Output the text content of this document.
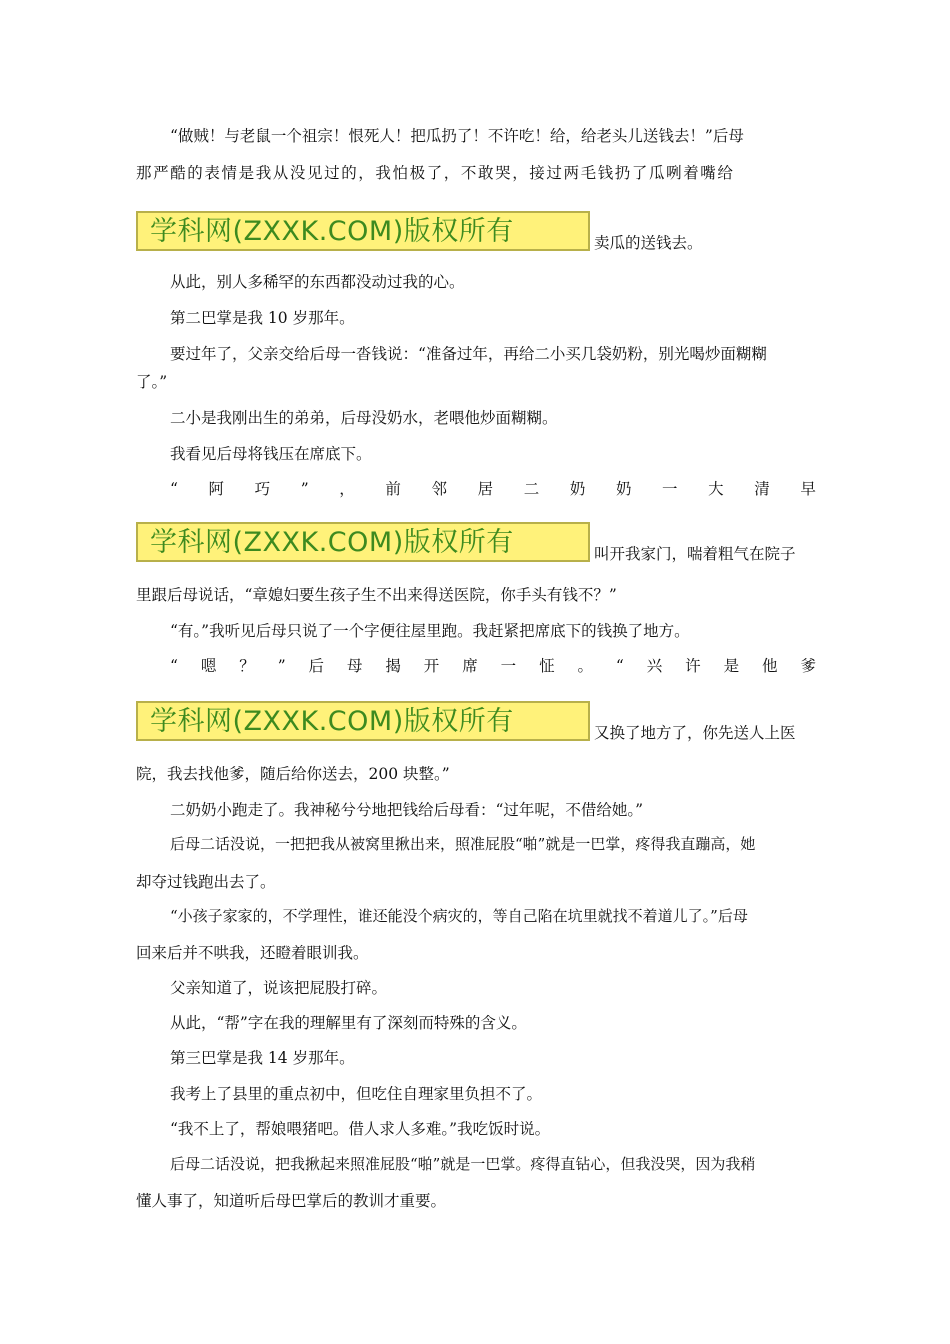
“做贼！与老鼠一个祖宗！恨死人！把瓜扔了！不许吃！给，给老头儿送钱去！”后母
那严酷的表情是我从没见过的，我怕极了，不敢哭，接过两毛钱扔了瓜咧着嘴给
学科网(ZXXK.COM)版权所有	卖瓜的送钱去。
从此，别人多稀罕的东西都没动过我的心。
第二巴掌是我 10 岁那年。
要过年了，父亲交给后母一沓钱说：“准备过年，再给二小买几袋奶粉，别光喝炒面糊糊
了。”
二小是我刚出生的弟弟，后母没奶水，老喂他炒面糊糊。
我看见后母将钱压在席底下。
“ 阿 巧 ” ， 前 邻 居 二 奶 奶 一 大 清 早
学科网(ZXXK.COM)版权所有	叫开我家门，喘着粗气在院子
里跟后母说话，“章媳妇要生孩子生不出来得送医院，你手头有钱不？”
“有。”我听见后母只说了一个字便往屋里跑。我赶紧把席底下的钱换了地方。
“ 嗯 ？ ” 后 母 揭 开 席 一 怔 。 “ 兴 许 是 他 爹
学科网(ZXXK.COM)版权所有	又换了地方了，你先送人上医
院，我去找他爹，随后给你送去，200 块整。”
二奶奶小跑走了。我神秘兮兮地把钱给后母看：“过年呢，不借给她。”
后母二话没说，一把把我从被窝里揪出来，照准屁股“啪”就是一巴掌，疼得我直蹦高，她
却夺过钱跑出去了。
“小孩子家家的，不学理性，谁还能没个病灾的，等自己陷在坑里就找不着道儿了。”后母
回来后并不哄我，还瞪着眼训我。
父亲知道了，说该把屁股打碎。
从此，“帮”字在我的理解里有了深刻而特殊的含义。
第三巴掌是我 14 岁那年。
我考上了县里的重点初中，但吃住自理家里负担不了。
“我不上了，帮娘喂猪吧。借人求人多难。”我吃饭时说。
后母二话没说，把我揪起来照准屁股“啪”就是一巴掌。疼得直钻心，但我没哭，因为我稍
懂人事了，知道听后母巴掌后的教训才重要。
